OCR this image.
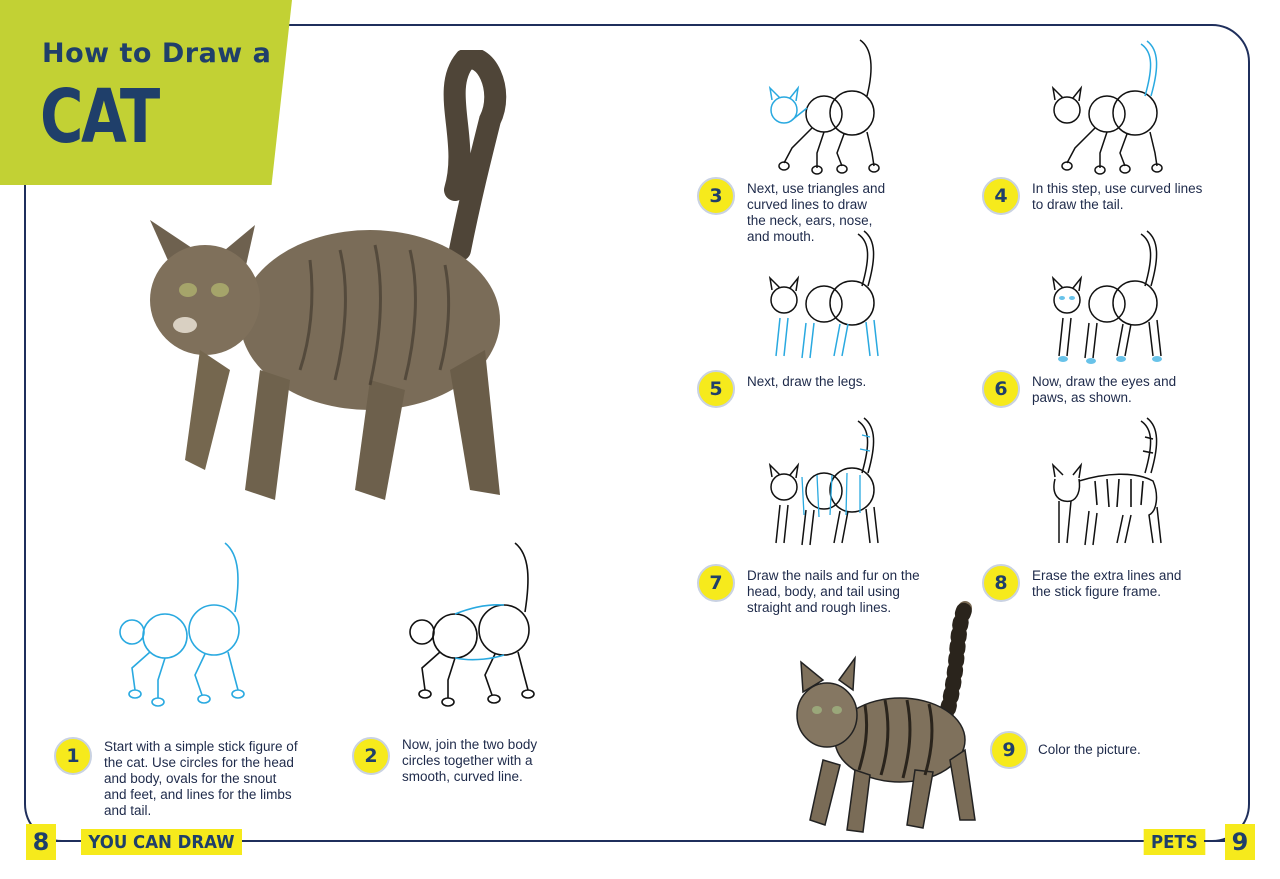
How to Draw a
CAT
1	Start with a simple stick figure of
the cat. Use circles for the head
and body, ovals for the snout
and feet, and lines for the limbs
and tail.
2
Now, join the two body
circles together with a
smooth, curved line.
3	Next, use triangles and
curved lines to draw
the neck, ears, nose,
and mouth.
4	In this step, use curved lines
to draw the tail.
5	Next, draw the legs.	6	Now, draw the eyes and
paws, as shown.
7	Draw the nails and fur on the
head, body, and tail using
straight and rough lines.
8	Erase the extra lines and
the stick figure frame.
9	Color the picture.
8	YOU CAN DRAW	PETS	9
